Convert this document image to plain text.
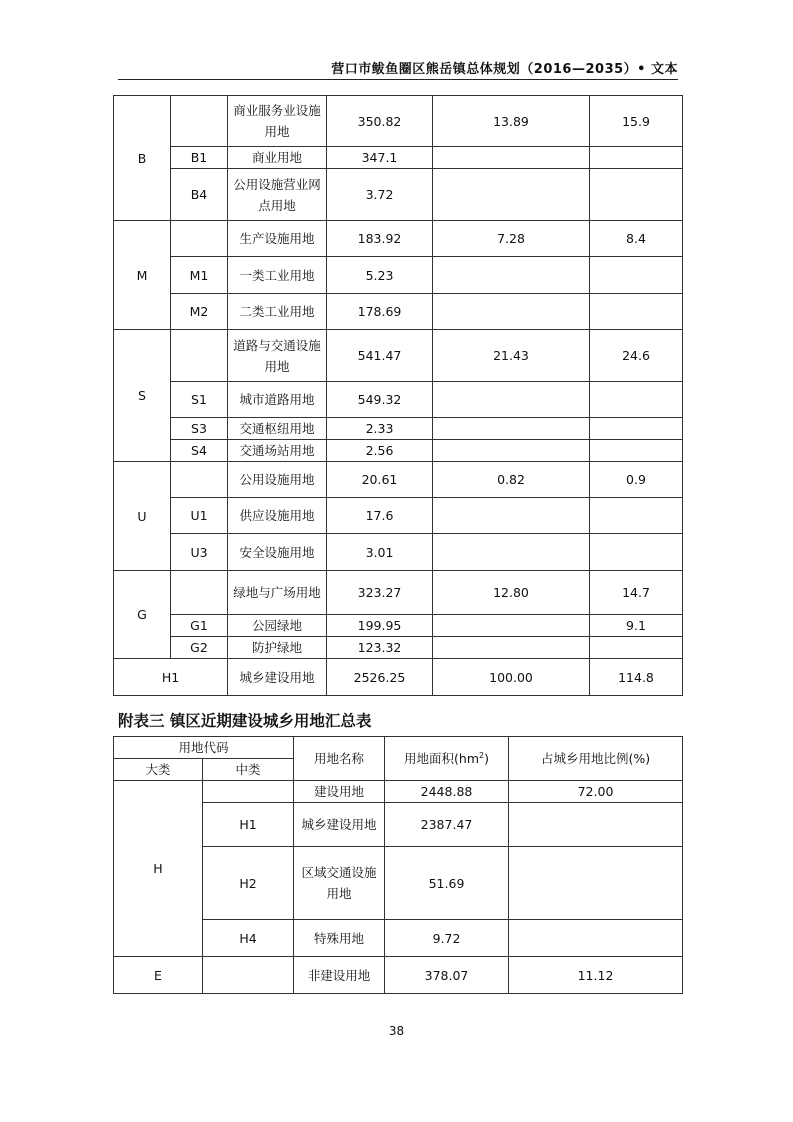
营口市鲅鱼圈区熊岳镇总体规划（2016—2035）• 文本
B		商业服务业设施用地	350.82	13.89	15.9
	B1	商业用地	347.1		
	B4	公用设施营业网点用地	3.72		
M		生产设施用地	183.92	7.28	8.4
	M1	一类工业用地	5.23		
	M2	二类工业用地	178.69		
S		道路与交通设施用地	541.47	21.43	24.6
	S1	城市道路用地	549.32		
	S3	交通枢纽用地	2.33		
	S4	交通场站用地	2.56		
U		公用设施用地	20.61	0.82	0.9
	U1	供应设施用地	17.6		
	U3	安全设施用地	3.01		
G		绿地与广场用地	323.27	12.80	14.7
	G1	公园绿地	199.95		9.1
	G2	防护绿地	123.32		
H1		城乡建设用地	2526.25	100.00	114.8
附表三 镇区近期建设城乡用地汇总表
用地代码		用地名称	用地面积$(hm^2)$	占城乡用地比例(%)
大类	中类			
H		建设用地	2448.88	72.00
	H1	城乡建设用地	2387.47	
	H2	区域交通设施用地	51.69	
	H4	特殊用地	9.72	
E		非建设用地	378.07	11.12
38
